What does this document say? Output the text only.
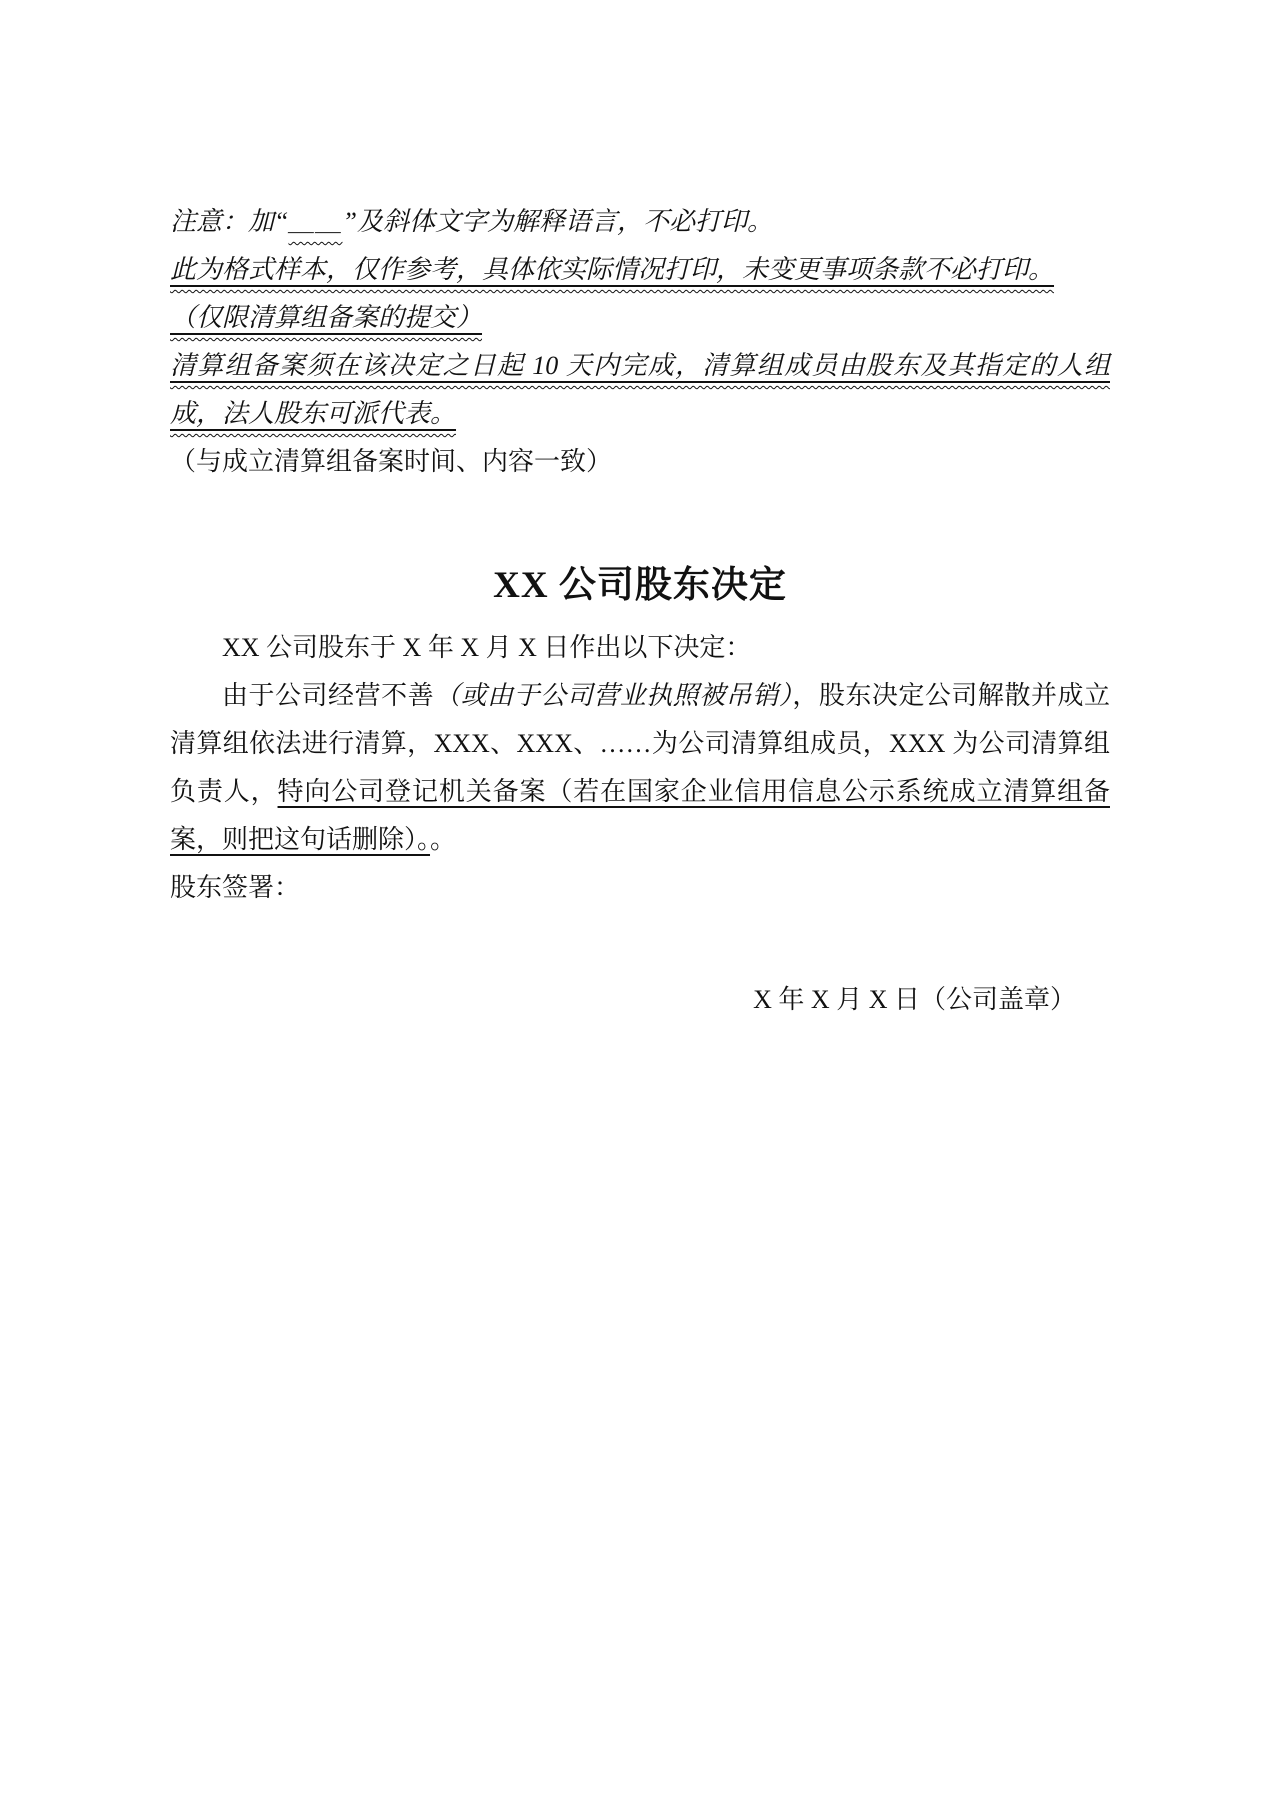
注意：加“＿＿”及斜体文字为解释语言，不必打印。

此为格式样本，仅作参考，具体依实际情况打印，未变更事项条款不必打印。

（仅限清算组备案的提交）

清算组备案须在该决定之日起 10 天内完成，清算组成员由股东及其指定的人组成，法人股东可派代表。

（与成立清算组备案时间、内容一致）

XX 公司股东决定

XX 公司股东于 X 年 X 月 X 日作出以下决定：

由于公司经营不善（或由于公司营业执照被吊销），股东决定公司解散并成立清算组依法进行清算，XXX、XXX、……为公司清算组成员，XXX 为公司清算组负责人，特向公司登记机关备案（若在国家企业信用信息公示系统成立清算组备案，则把这句话删除）。。

股东签署：

X 年 X 月 X 日（公司盖章）
